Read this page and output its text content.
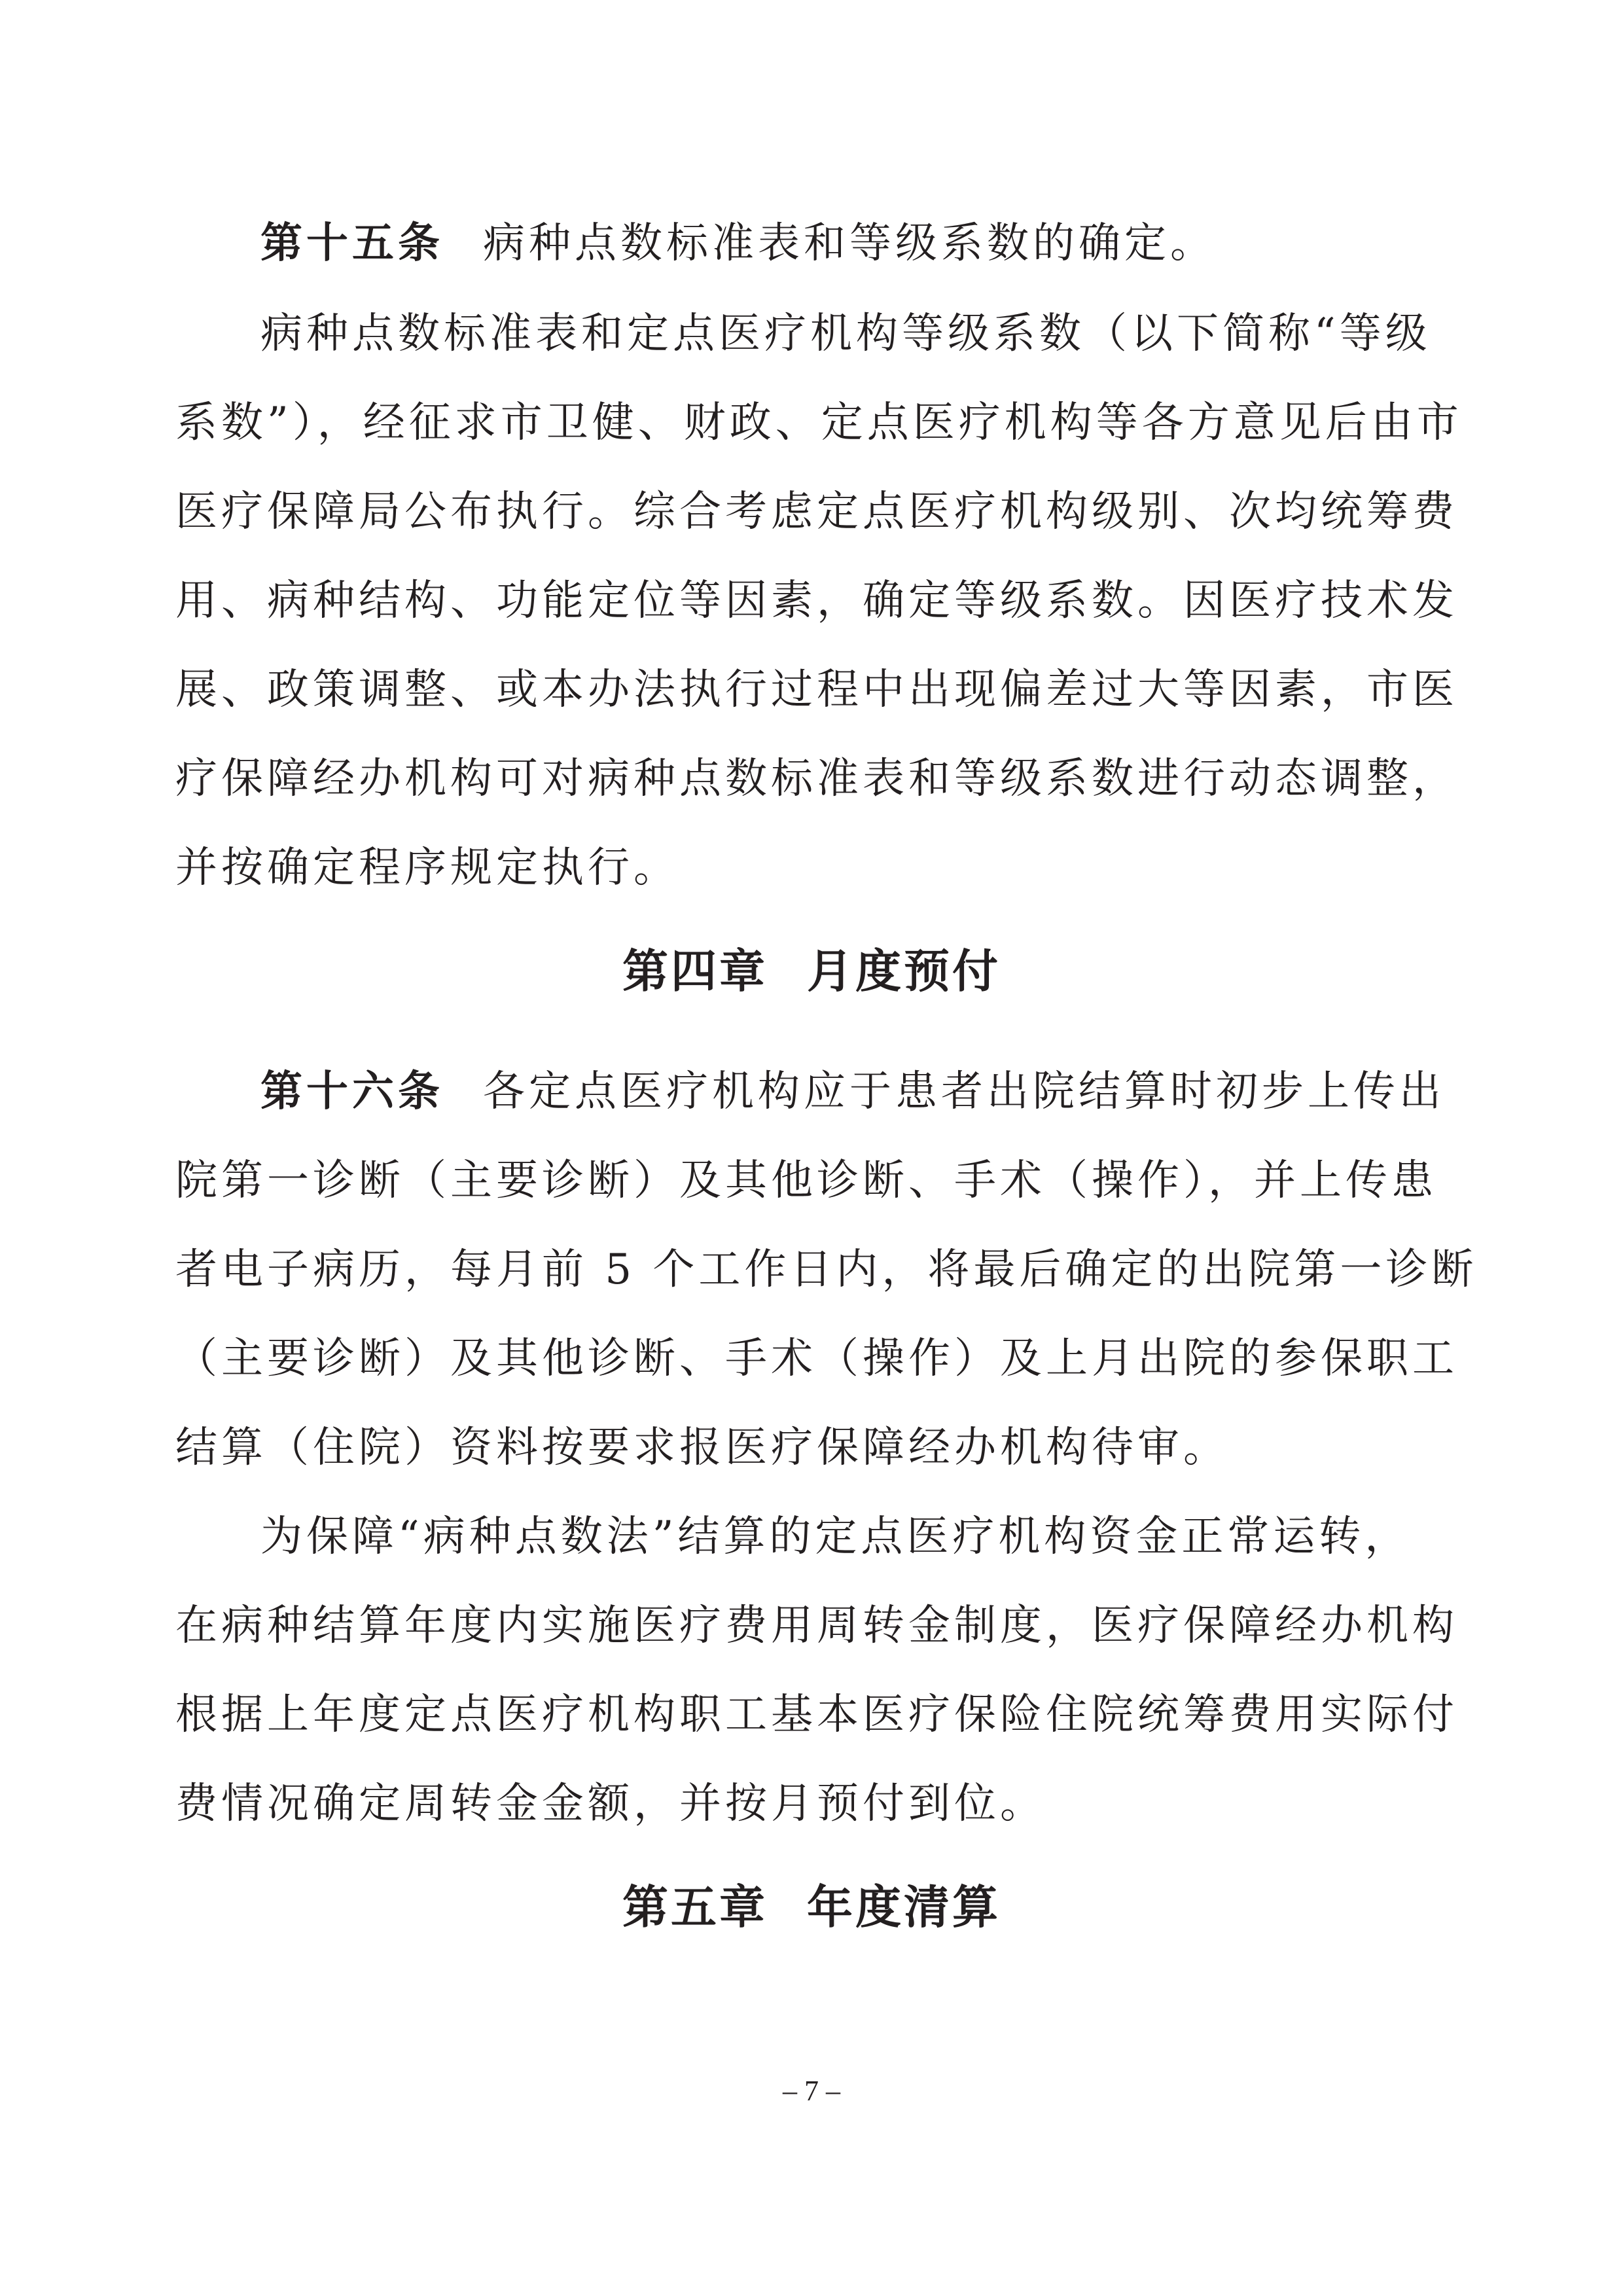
第十五条 病种点数标准表和等级系数的确定。
病种点数标准表和定点医疗机构等级系数（以下简称“等级
系数”），经征求市卫健、财政、定点医疗机构等各方意见后由市
医疗保障局公布执行。综合考虑定点医疗机构级别、次均统筹费
用、病种结构、功能定位等因素，确定等级系数。因医疗技术发
展、政策调整、或本办法执行过程中出现偏差过大等因素，市医
疗保障经办机构可对病种点数标准表和等级系数进行动态调整，
并按确定程序规定执行。
第四章 月度预付
第十六条 各定点医疗机构应于患者出院结算时初步上传出
院第一诊断（主要诊断）及其他诊断、手术（操作），并上传患
者电子病历，每月前 5 个工作日内，将最后确定的出院第一诊断
（主要诊断）及其他诊断、手术（操作）及上月出院的参保职工
结算（住院）资料按要求报医疗保障经办机构待审。
为保障“病种点数法”结算的定点医疗机构资金正常运转，
在病种结算年度内实施医疗费用周转金制度，医疗保障经办机构
根据上年度定点医疗机构职工基本医疗保险住院统筹费用实际付
费情况确定周转金金额，并按月预付到位。
第五章 年度清算
– 7 –
